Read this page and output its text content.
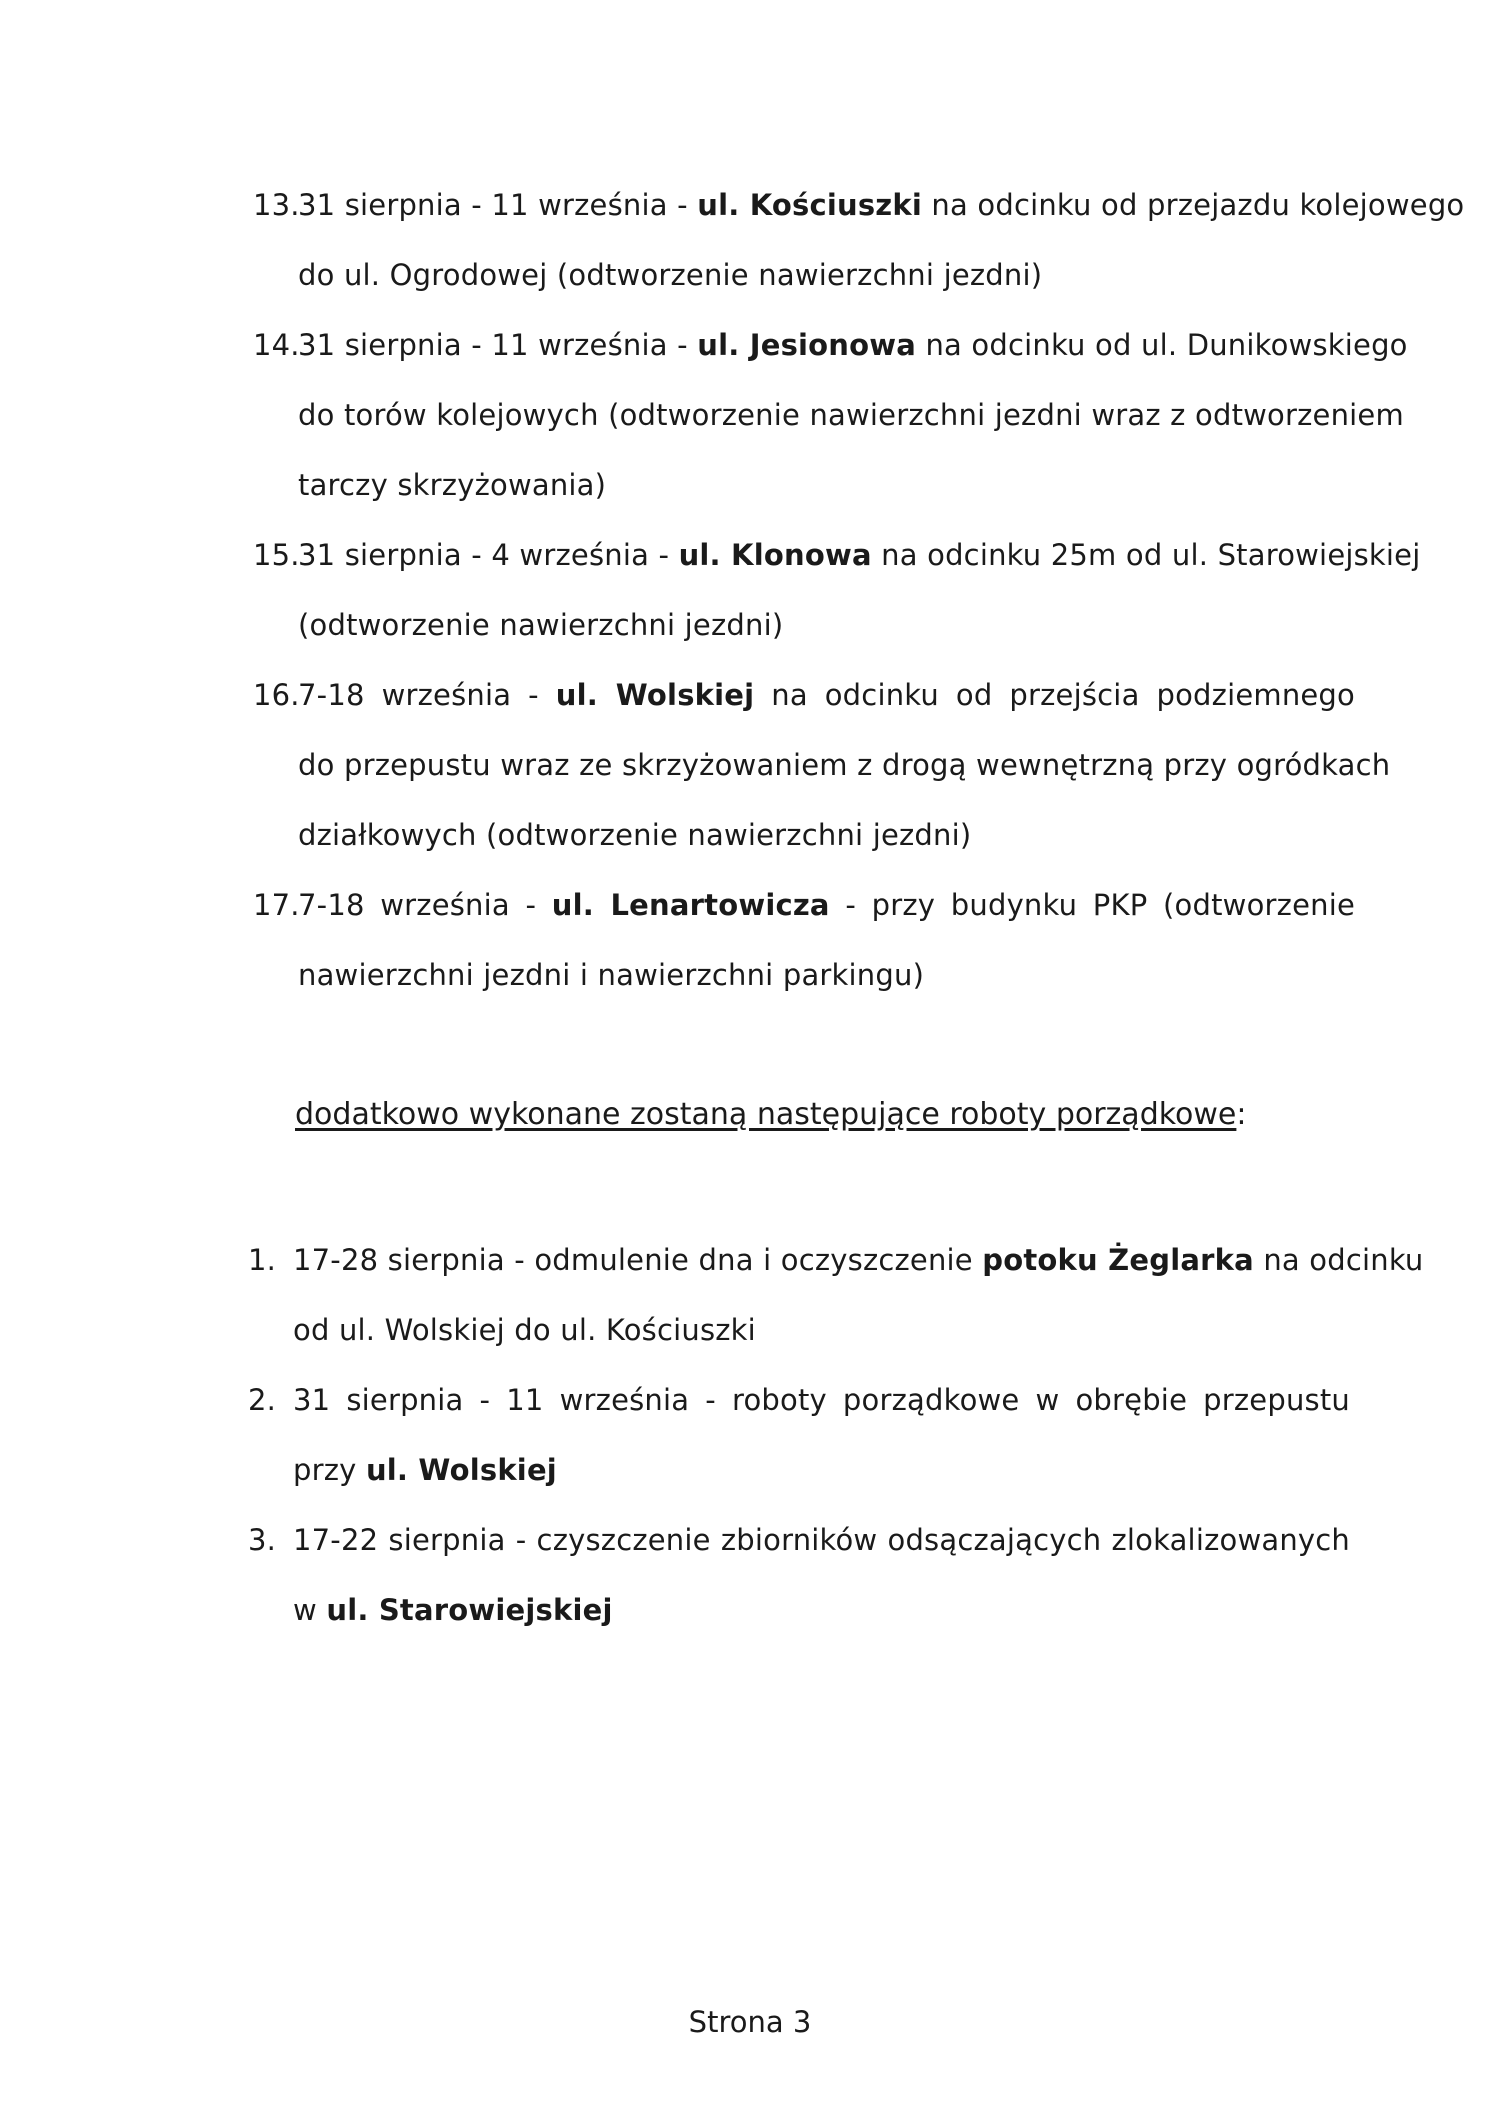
13.
31 sierpnia - 11 września - ul. Kościuszki na odcinku od przejazdu kolejowego
do ul. Ogrodowej (odtworzenie nawierzchni jezdni)
14.
31 sierpnia - 11 września - ul. Jesionowa na odcinku od ul. Dunikowskiego
do torów kolejowych (odtworzenie nawierzchni jezdni wraz z odtworzeniem
tarczy skrzyżowania)
15.
31 sierpnia - 4 września - ul. Klonowa na odcinku 25m od ul. Starowiejskiej
(odtworzenie nawierzchni jezdni)
16.
7-18 września - ul. Wolskiej na odcinku od przejścia podziemnego
do przepustu wraz ze skrzyżowaniem z drogą wewnętrzną przy ogródkach
działkowych (odtworzenie nawierzchni jezdni)
17.
7-18 września - ul. Lenartowicza - przy budynku PKP (odtworzenie
nawierzchni jezdni i nawierzchni parkingu)
dodatkowo wykonane zostaną następujące roboty porządkowe:
1. 17-28 sierpnia - odmulenie dna i oczyszczenie potoku Żeglarka na odcinku
od ul. Wolskiej do ul. Kościuszki
2. 31 sierpnia - 11 września - roboty porządkowe w obrębie przepustu
przy ul. Wolskiej
3. 17-22 sierpnia - czyszczenie zbiorników odsączających zlokalizowanych
w ul. Starowiejskiej
Strona 3
